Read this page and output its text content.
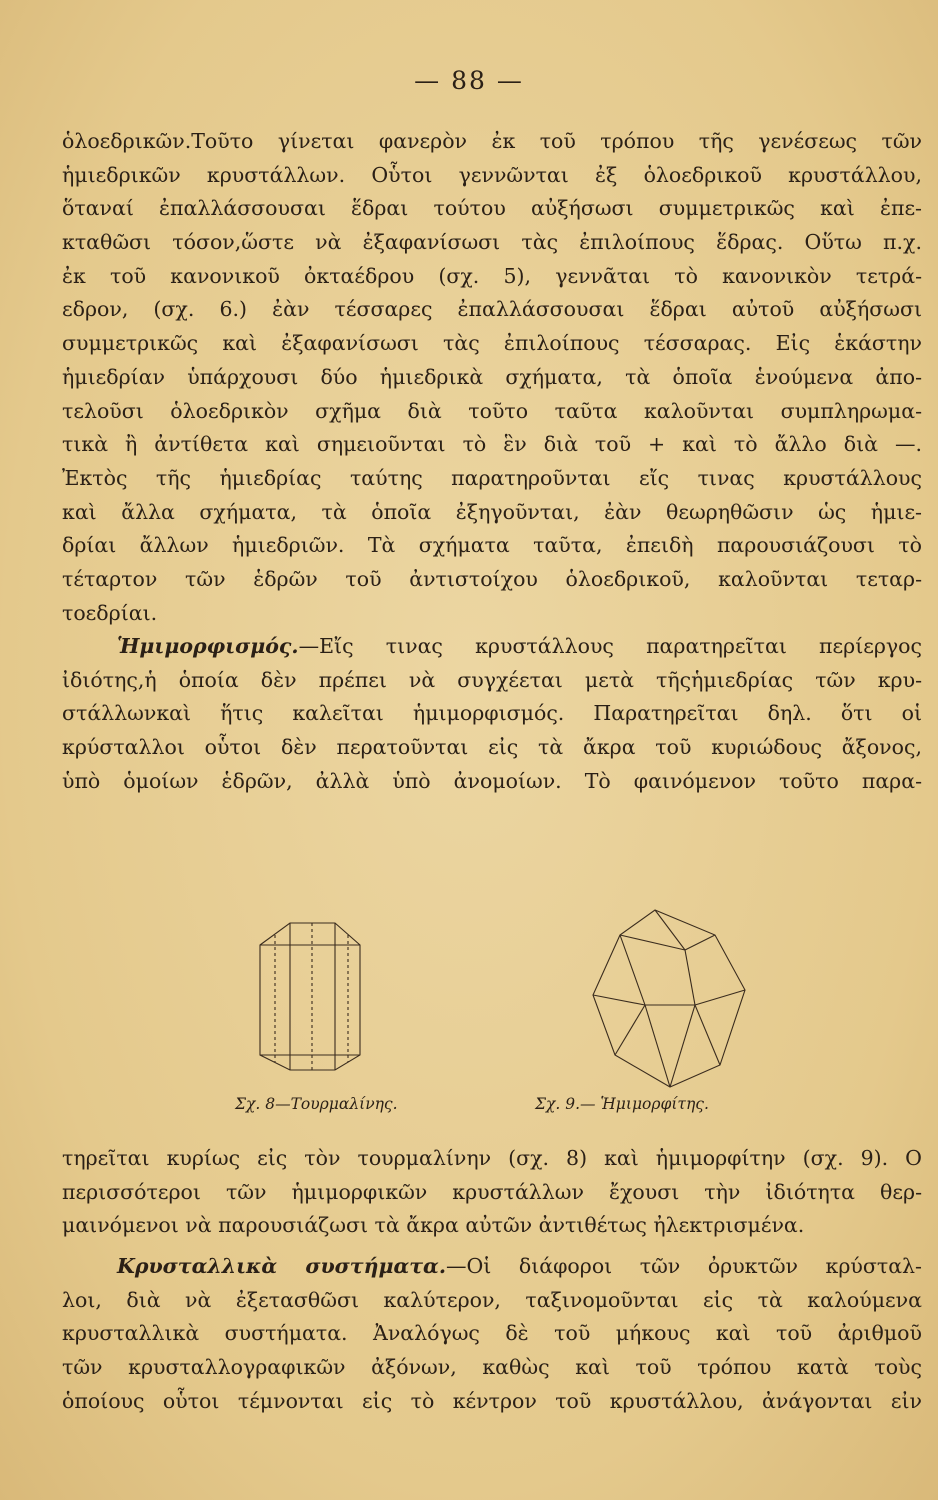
— 88 —
ὁλοεδρικῶν.Τοῦτο γίνεται φανερὸν ἐκ τοῦ τρόπου τῆς γενέσεως τῶν
ἡμιεδρικῶν κρυστάλλων. Οὗτοι γεννῶνται ἐξ ὁλοεδρικοῦ κρυστάλλου,
ὅταναί ἐπαλλάσσουσαι ἕδραι τούτου αὐξήσωσι συμμετρικῶς καὶ ἐπε-
κταθῶσι τόσον,ὥστε νὰ ἐξαφανίσωσι τὰς ἐπιλοίπους ἕδρας. Οὕτω π.χ.
ἐκ τοῦ κανονικοῦ ὀκταέδρου (σχ. 5), γεννᾶται τὸ κανονικὸν τετρά-
εδρον, (σχ. 6.) ἐὰν τέσσαρες ἐπαλλάσσουσαι ἕδραι αὐτοῦ αὐξήσωσι
συμμετρικῶς καὶ ἐξαφανίσωσι τὰς ἐπιλοίπους τέσσαρας. Εἰς ἑκάστην
ἡμιεδρίαν ὑπάρχουσι δύο ἡμιεδρικὰ σχήματα, τὰ ὁποῖα ἑνούμενα ἀπο-
τελοῦσι ὁλοεδρικὸν σχῆμα διὰ τοῦτο ταῦτα καλοῦνται συμπληρωμα-
τικὰ ἢ ἀντίθετα καὶ σημειοῦνται τὸ ἓν διὰ τοῦ + καὶ τὸ ἄλλο διὰ —.
Ἐκτὸς τῆς ἡμιεδρίας ταύτης παρατηροῦνται εἴς τινας κρυστάλλους
καὶ ἄλλα σχήματα, τὰ ὁποῖα ἐξηγοῦνται, ἐὰν θεωρηθῶσιν ὡς ἡμιε-
δρίαι ἄλλων ἡμιεδριῶν. Τὰ σχήματα ταῦτα, ἐπειδὴ παρουσιάζουσι τὸ
τέταρτον τῶν ἑδρῶν τοῦ ἀντιστοίχου ὁλοεδρικοῦ, καλοῦνται τεταρ-
τοεδρίαι.
Ἡμιμορφισμός.—Εἴς τινας κρυστάλλους παρατηρεῖται περίεργος
ἰδιότης,ἡ ὁποία δὲν πρέπει νὰ συγχέεται μετὰ τῆςἡμιεδρίας τῶν κρυ-
στάλλωνκαὶ ἥτις καλεῖται ἡμιμορφισμός. Παρατηρεῖται δηλ. ὅτι οἱ
κρύσταλλοι οὗτοι δὲν περατοῦνται εἰς τὰ ἄκρα τοῦ κυριώδους ἄξονος,
ὑπὸ ὁμοίων ἑδρῶν, ἀλλὰ ὑπὸ ἀνομοίων. Τὸ φαινόμενον τοῦτο παρα-
Σχ. 8—Τουρμαλίνης.	Σχ. 9.— Ἡμιμορφίτης.
τηρεῖται κυρίως εἰς τὸν τουρμαλίνην (σχ. 8) καὶ ἡμιμορφίτην (σχ. 9). Ο
περισσότεροι τῶν ἡμιμορφικῶν κρυστάλλων ἔχουσι τὴν ἰδιότητα θερ-
μαινόμενοι νὰ παρουσιάζωσι τὰ ἄκρα αὐτῶν ἀντιθέτως ἠλεκτρισμένα.
Κρυσταλλικὰ συστήματα.—Οἱ διάφοροι τῶν ὀρυκτῶν κρύσταλ-
λοι, διὰ νὰ ἐξετασθῶσι καλύτερον, ταξινομοῦνται εἰς τὰ καλούμενα
κρυσταλλικὰ συστήματα. Ἀναλόγως δὲ τοῦ μήκους καὶ τοῦ ἀριθμοῦ
τῶν κρυσταλλογραφικῶν ἀξόνων, καθὼς καὶ τοῦ τρόπου κατὰ τοὺς
ὁποίους οὗτοι τέμνονται εἰς τὸ κέντρον τοῦ κρυστάλλου, ἀνάγονται εἰν
